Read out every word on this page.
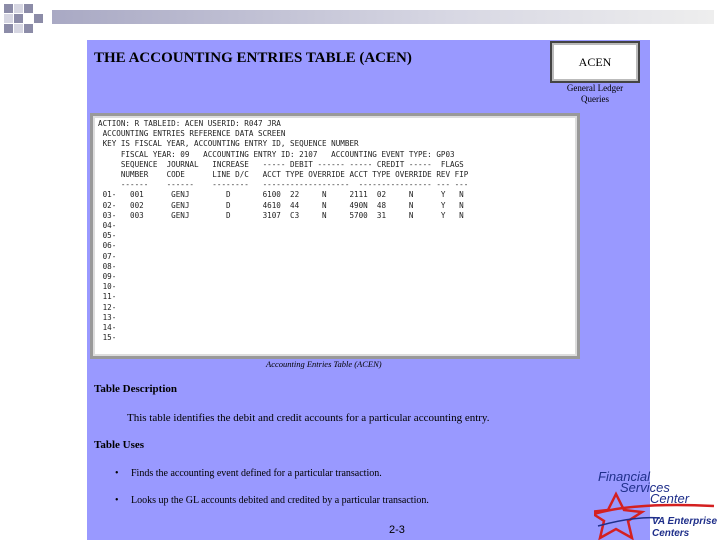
THE ACCOUNTING ENTRIES TABLE (ACEN)	ACEN
General Ledger
Queries
ACTION: R TABLEID: ACEN USERID: R047 JRA
ACCOUNTING ENTRIES REFERENCE DATA SCREEN
KEY IS FISCAL YEAR, ACCOUNTING ENTRY ID, SEQUENCE NUMBER
FISCAL YEAR: 09   ACCOUNTING ENTRY ID: 2107   ACCOUNTING EVENT TYPE: GP03
SEQUENCE  JOURNAL   INCREASE   ----- DEBIT ------ ----- CREDIT -----  FLAGS
NUMBER    CODE      LINE D/C   ACCT TYPE OVERRIDE ACCT TYPE OVERRIDE REV FIP
------    ------    --------   -------------------  ---------------- --- ---
01-   001      GENJ        D       6100  22     N     2111  02     N      Y   N
02-   002      GENJ        D       4610  44     N     490N  48     N      Y   N
03-   003      GENJ        D       3107  C3     N     5700  31     N      Y   N
04-
05-
06-
07-
08-
09-
10-
11-
12-
13-
14-
15-
Accounting Entries Table (ACEN)
Table Description
This table identifies the debit and credit accounts for a particular accounting entry.
Table Uses
• Finds the accounting event defined for a particular transaction.
• Looks up the GL accounts debited and credited by a particular transaction.
2-3
Financial
Services
Center
VA Enterprise
Centers
